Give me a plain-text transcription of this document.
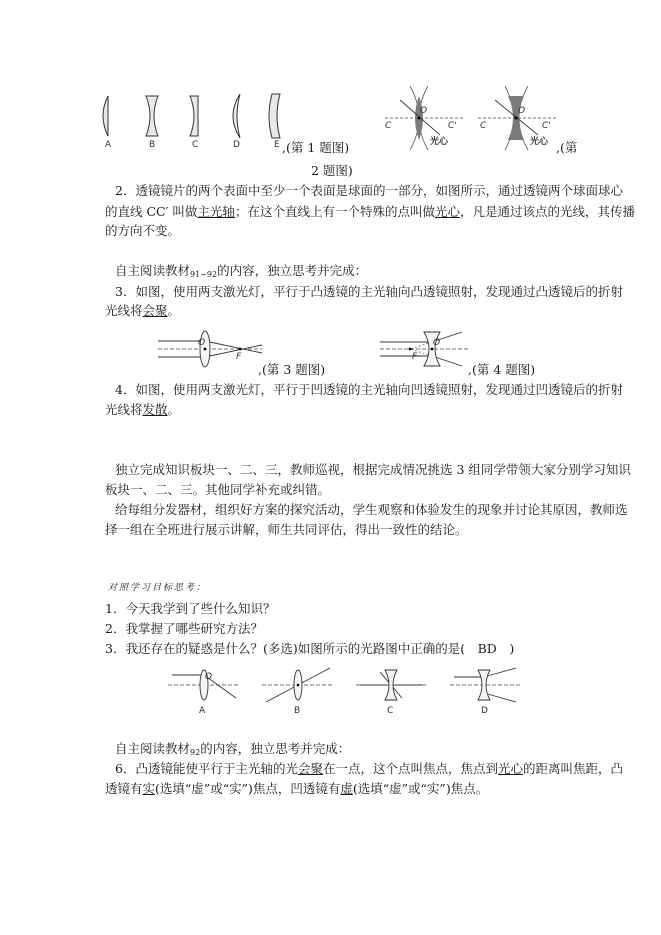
A	B	C	D	E ,(第 1 题图)
C
O
C'
光心
C
O
C'
光心 ,(第
2 题图)
2．透镜镜片的两个表面中至少一个表面是球面的一部分，如图所示，通过透镜两个球面球心
的直线 CC′ 叫做主光轴；在这个直线上有一个特殊的点叫做光心，凡是通过该点的光线，其传播
的方向不变。
自主阅读教材91~92的内容，独立思考并完成：
3．如图，使用两支激光灯，平行于凸透镜的主光轴向凸透镜照射，发现通过凸透镜后的折射
光线将会聚。
O
F	F
O
,(第 3 题图)	,(第 4 题图)
4．如图，使用两支激光灯，平行于凹透镜的主光轴向凹透镜照射，发现通过凹透镜后的折射
光线将发散。
独立完成知识板块一、二、三，教师巡视，根据完成情况挑选 3 组同学带领大家分别学习知识
板块一、二、三。其他同学补充或纠错。
给每组分发器材，组织好方案的探究活动，学生观察和体验发生的现象并讨论其原因，教师选
择一组在全班进行展示讲解，师生共同评估，得出一致性的结论。
对照学习目标思考：
1．今天我学到了些什么知识？
2．我掌握了哪些研究方法？
3．我还存在的疑惑是什么？(多选)如图所示的光路图中正确的是(　BD　)
O
A	B	C	D
自主阅读教材92的内容，独立思考并完成：
6．凸透镜能使平行于主光轴的光会聚在一点，这个点叫焦点，焦点到光心的距离叫焦距，凸
透镜有实(选填“虚”或“实”)焦点，凹透镜有虚(选填“虚”或“实”)焦点。
